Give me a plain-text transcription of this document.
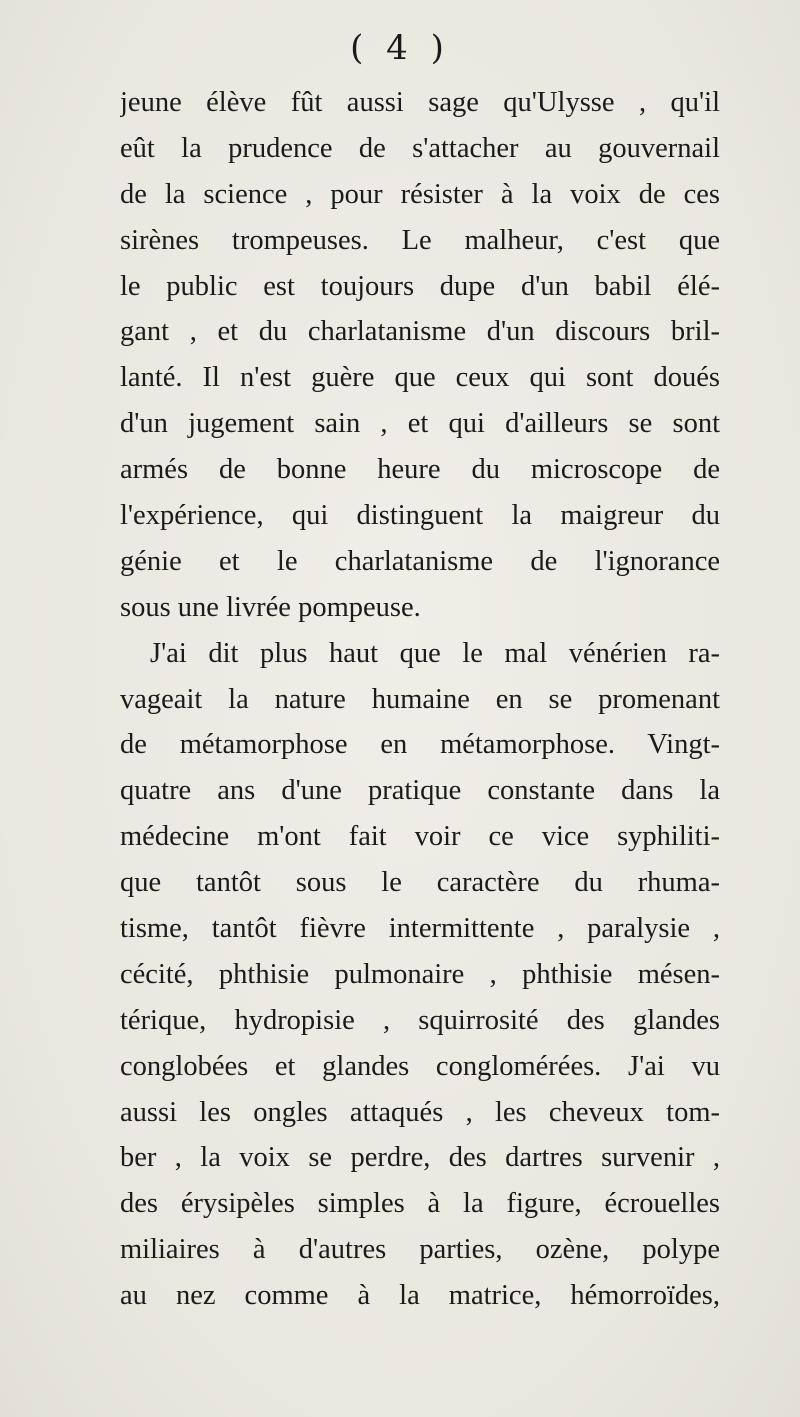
( 4 )
jeune élève fût aussi sage qu'Ulysse , qu'il
eût la prudence de s'attacher au gouvernail
de la science , pour résister à la voix de ces
sirènes trompeuses. Le malheur, c'est que
le public est toujours dupe d'un babil élé-
gant , et du charlatanisme d'un discours bril-
lanté. Il n'est guère que ceux qui sont doués
d'un jugement sain , et qui d'ailleurs se sont
armés de bonne heure du microscope de
l'expérience, qui distinguent la maigreur du
génie et le charlatanisme de l'ignorance
sous une livrée pompeuse.
J'ai dit plus haut que le mal vénérien ra-
vageait la nature humaine en se promenant
de métamorphose en métamorphose. Vingt-
quatre ans d'une pratique constante dans la
médecine m'ont fait voir ce vice syphiliti-
que tantôt sous le caractère du rhuma-
tisme, tantôt fièvre intermittente , paralysie ,
cécité, phthisie pulmonaire , phthisie mésen-
térique, hydropisie , squirrosité des glandes
conglobées et glandes conglomérées. J'ai vu
aussi les ongles attaqués , les cheveux tom-
ber , la voix se perdre, des dartres survenir ,
des érysipèles simples à la figure, écrouelles
miliaires à d'autres parties, ozène, polype
au nez comme à la matrice, hémorroïdes,
